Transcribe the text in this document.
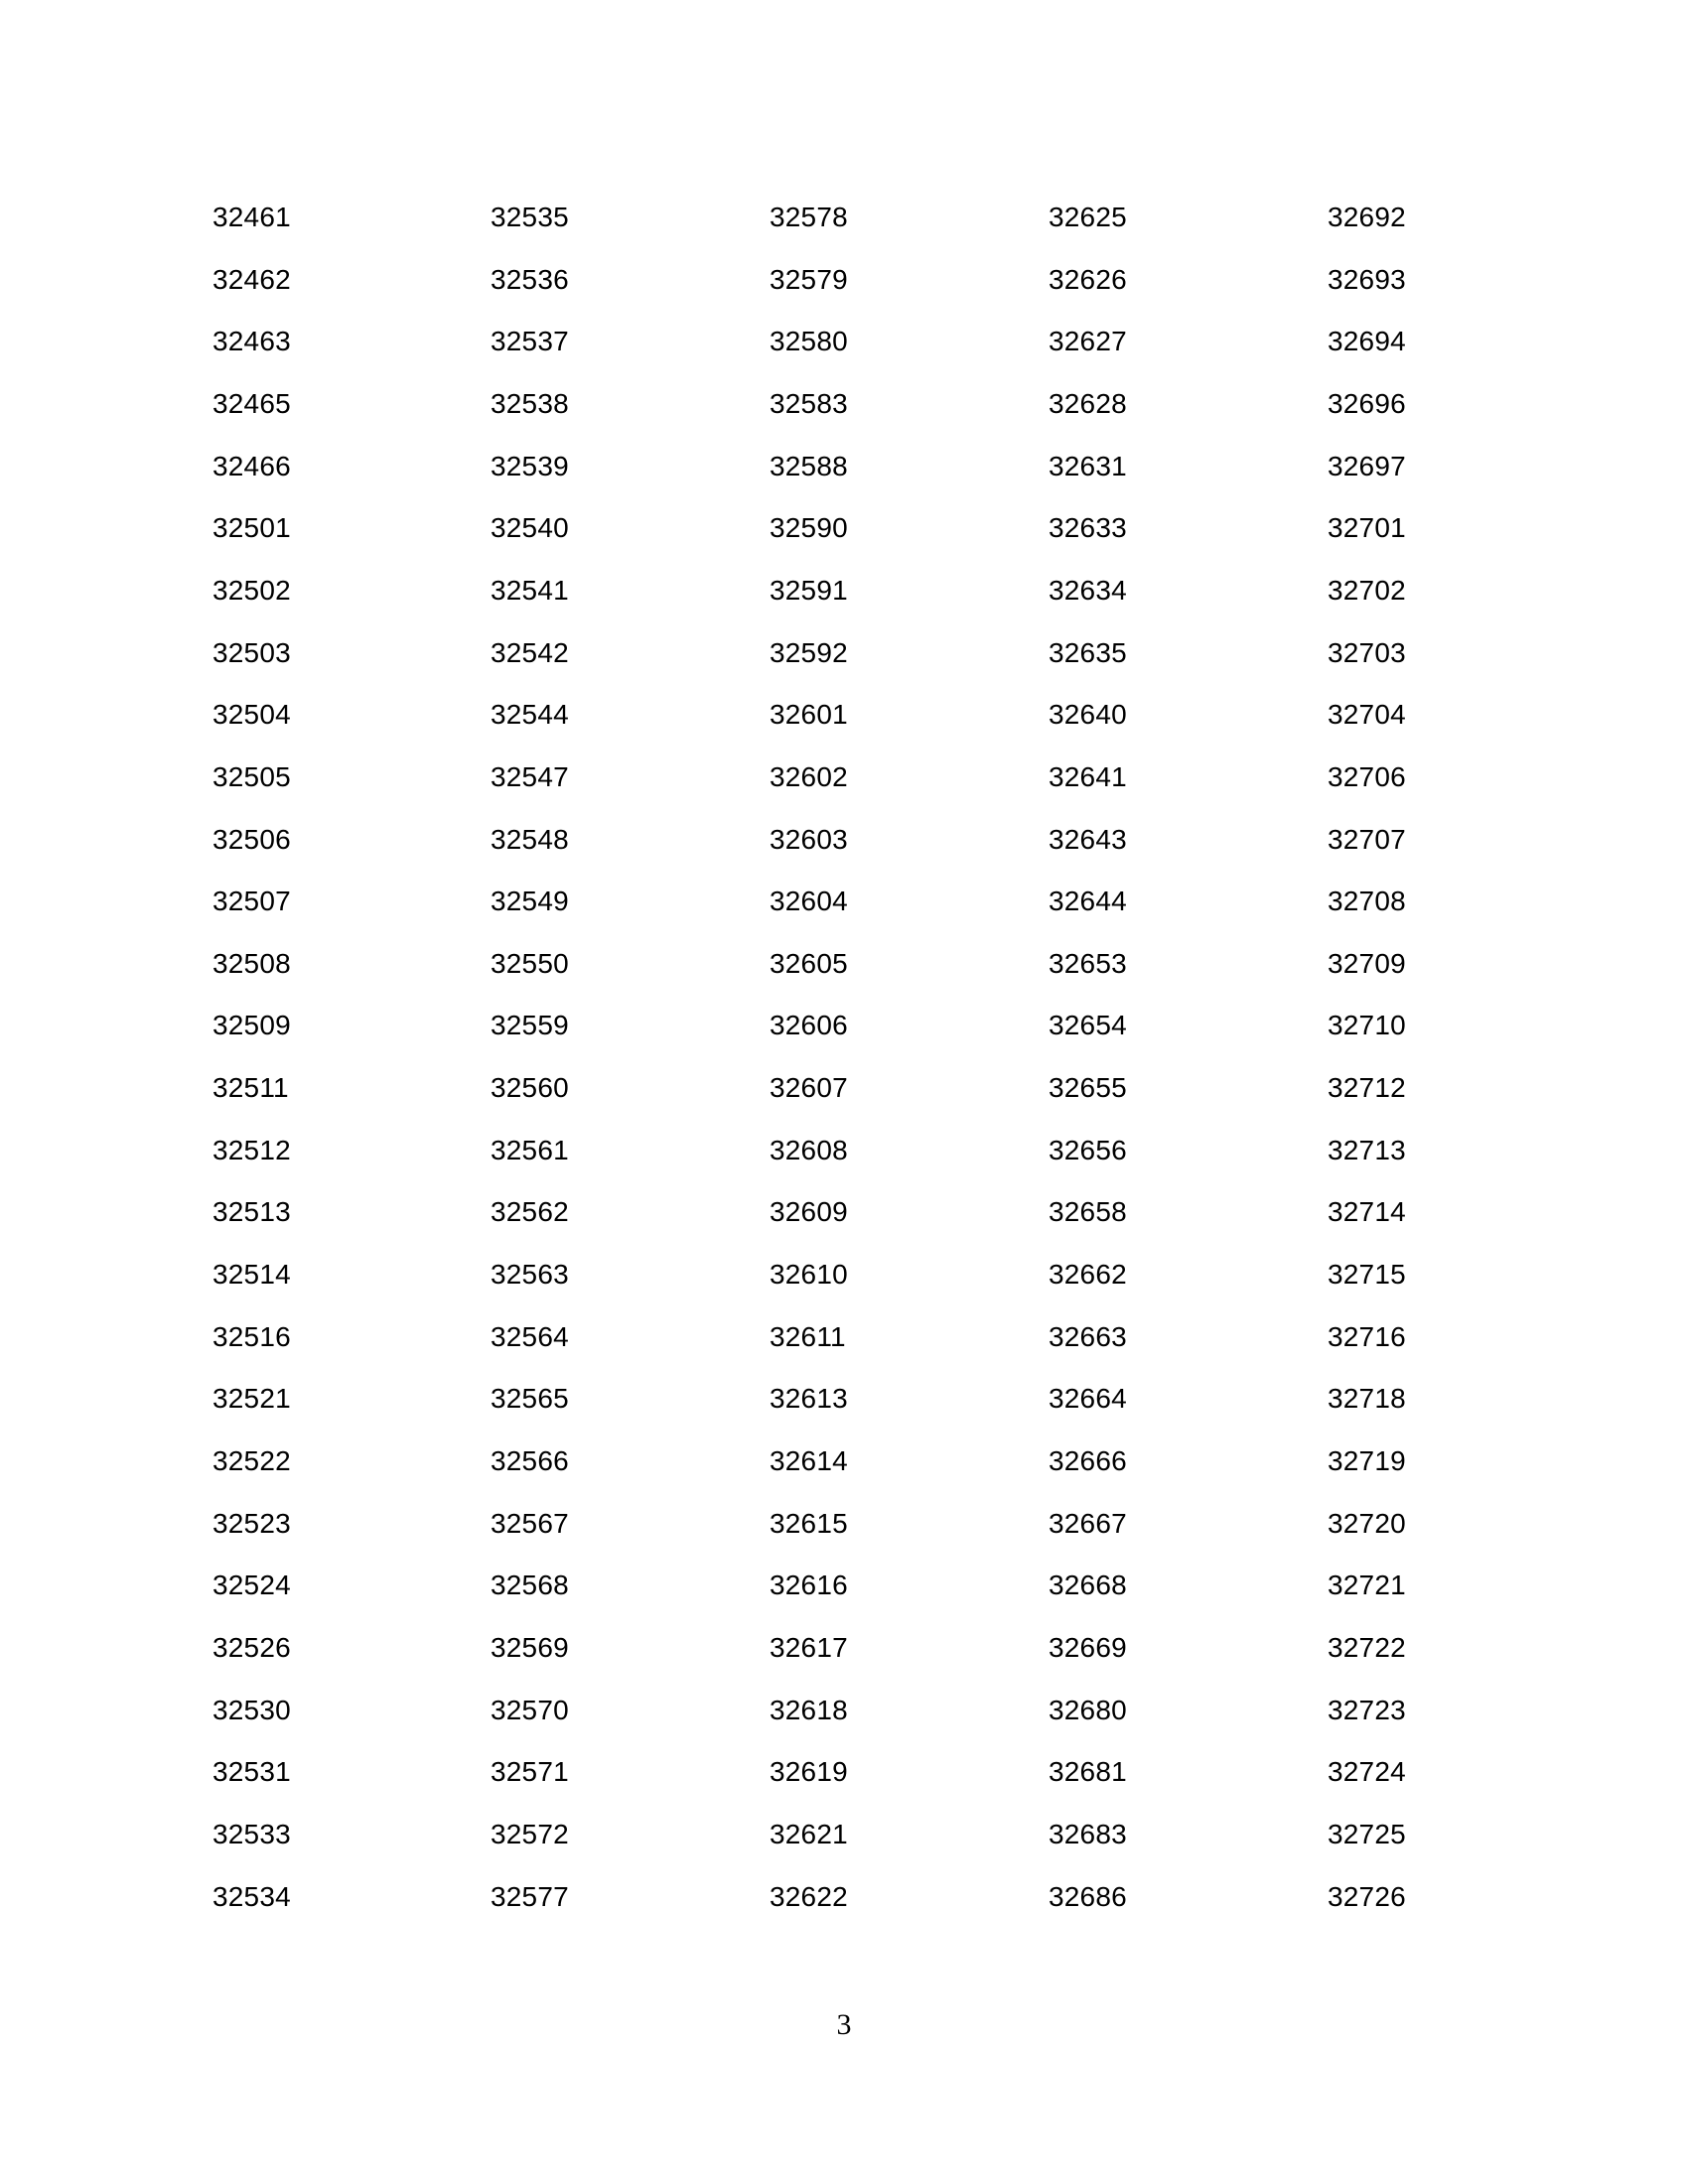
32461
32462
32463
32465
32466
32501
32502
32503
32504
32505
32506
32507
32508
32509
32511
32512
32513
32514
32516
32521
32522
32523
32524
32526
32530
32531
32533
32534
32535
32536
32537
32538
32539
32540
32541
32542
32544
32547
32548
32549
32550
32559
32560
32561
32562
32563
32564
32565
32566
32567
32568
32569
32570
32571
32572
32577
32578
32579
32580
32583
32588
32590
32591
32592
32601
32602
32603
32604
32605
32606
32607
32608
32609
32610
32611
32613
32614
32615
32616
32617
32618
32619
32621
32622
32625
32626
32627
32628
32631
32633
32634
32635
32640
32641
32643
32644
32653
32654
32655
32656
32658
32662
32663
32664
32666
32667
32668
32669
32680
32681
32683
32686
32692
32693
32694
32696
32697
32701
32702
32703
32704
32706
32707
32708
32709
32710
32712
32713
32714
32715
32716
32718
32719
32720
32721
32722
32723
32724
32725
32726
3
